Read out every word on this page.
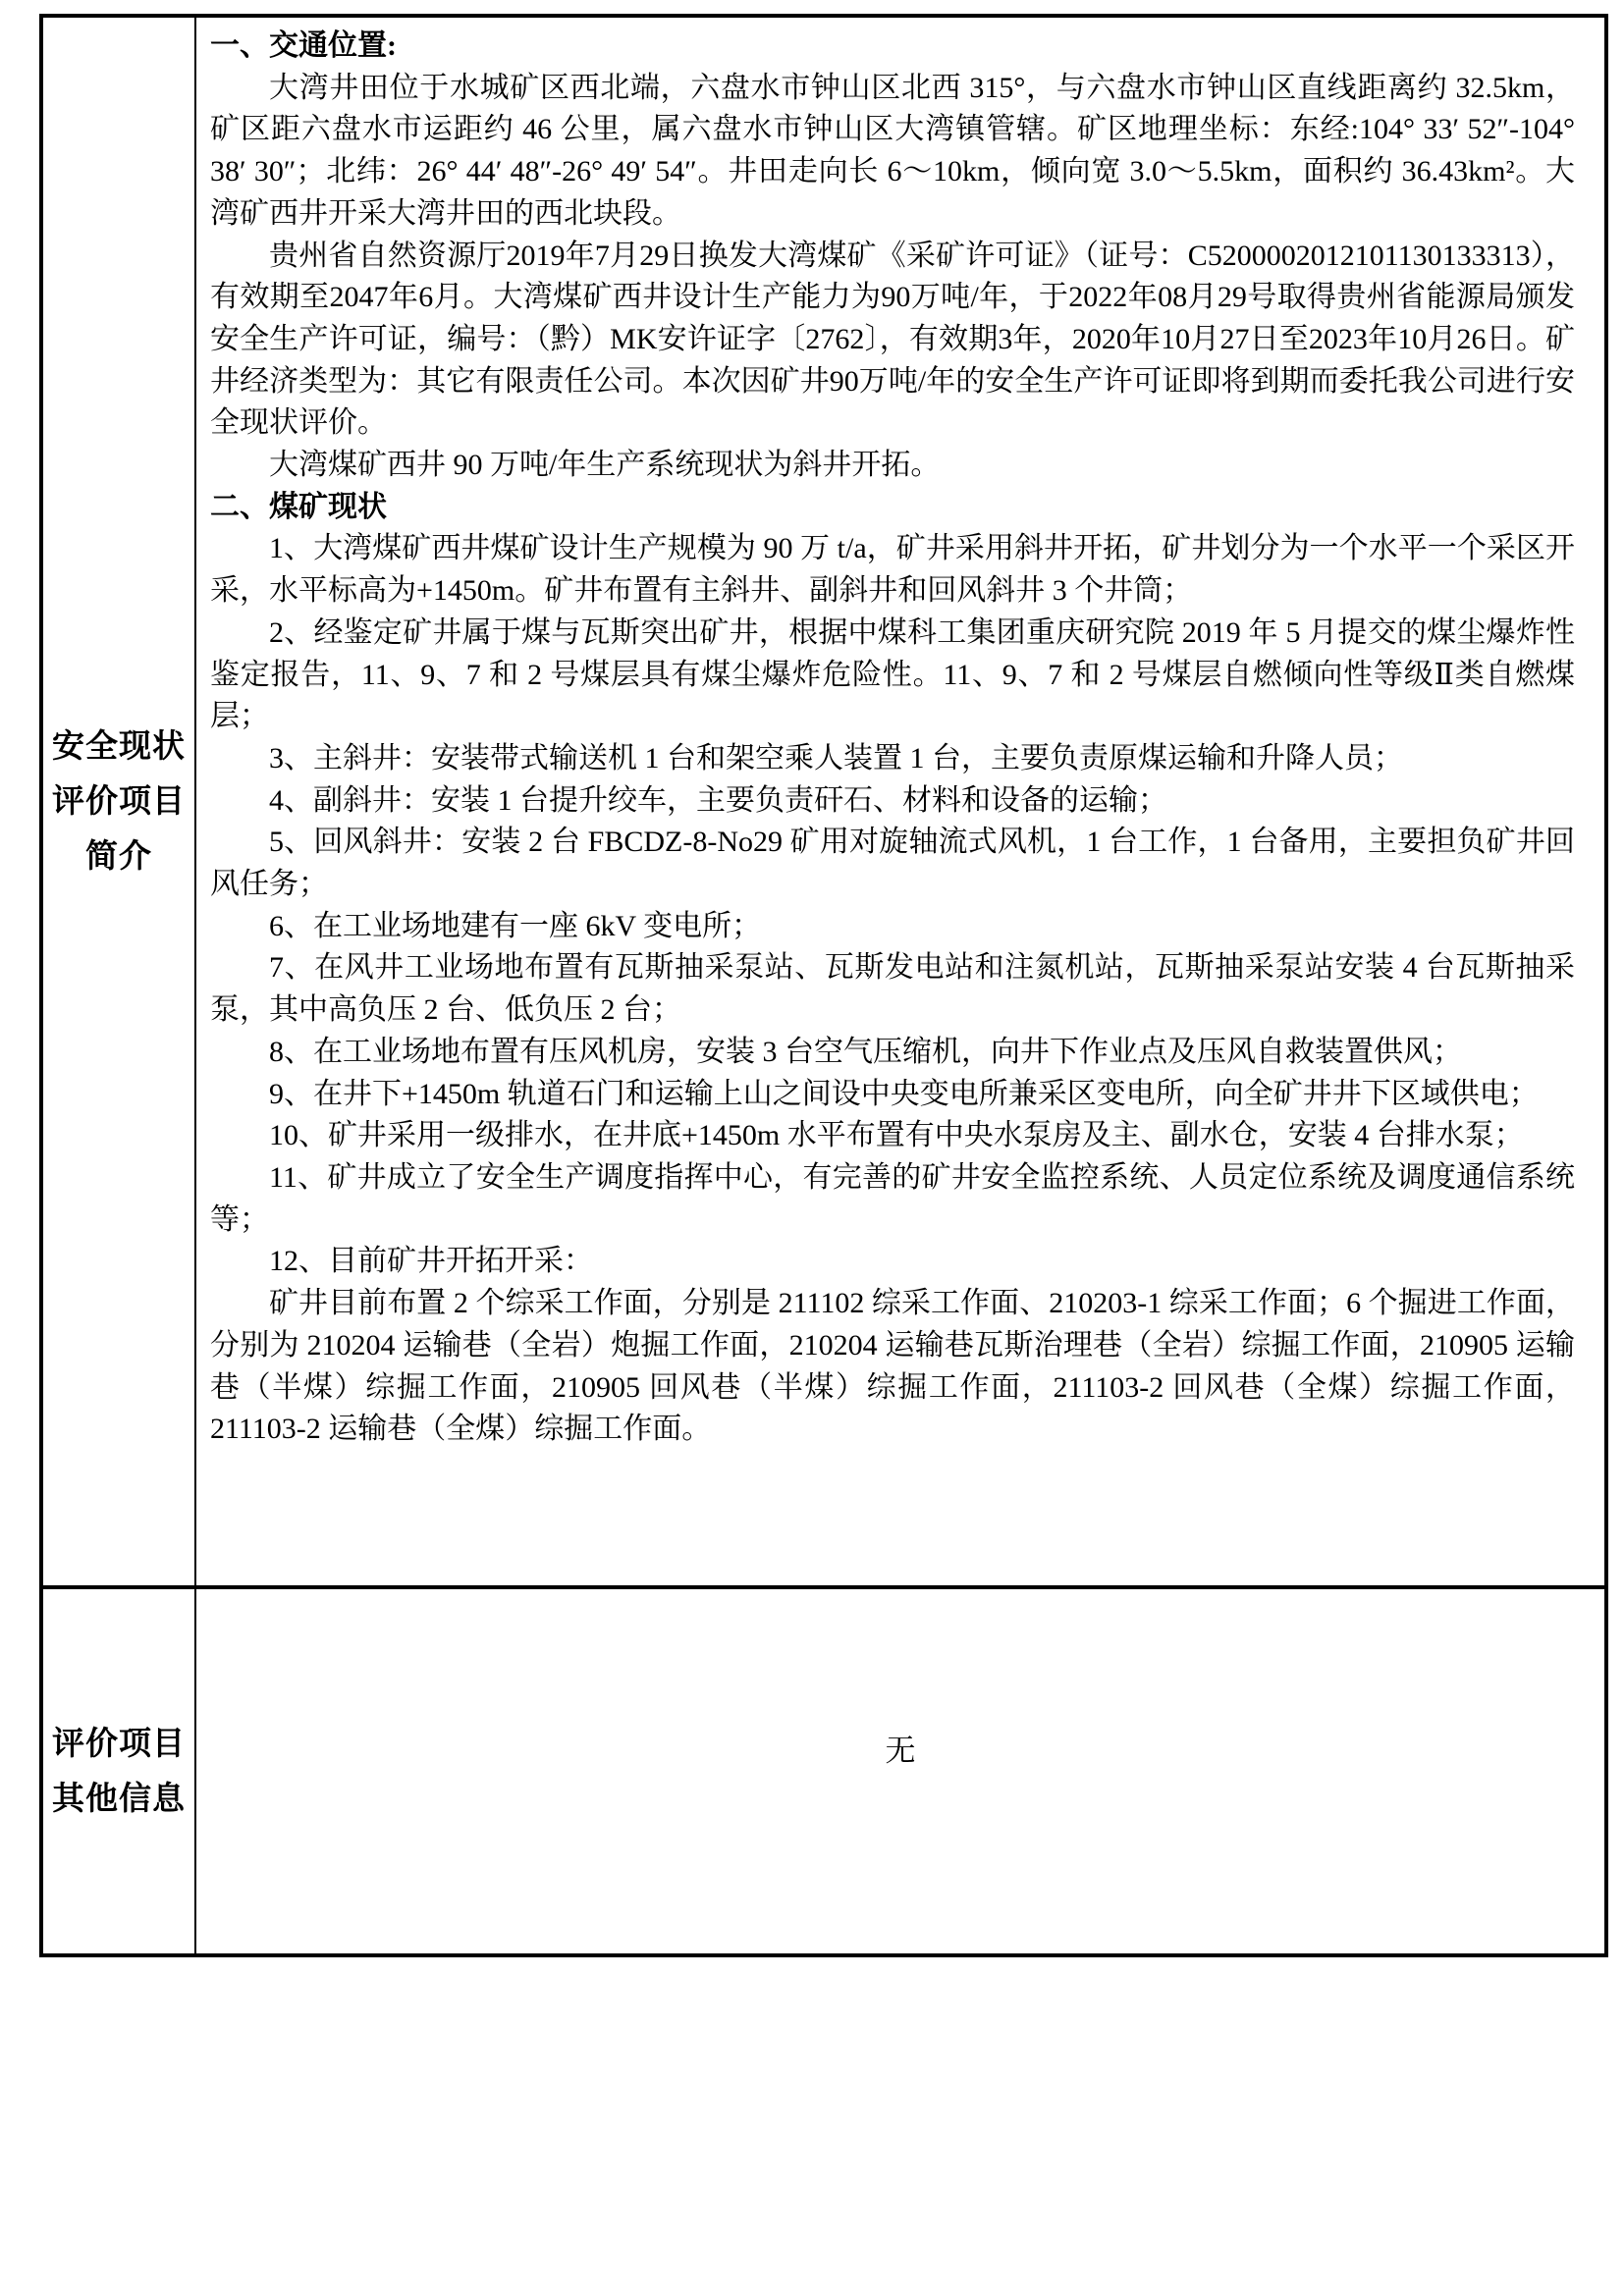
安全现状
评价项目
简介

一、交通位置:

大湾井田位于水城矿区西北端，六盘水市钟山区北西 315°，与六盘水市钟山区直线距离约 32.5km，矿区距六盘水市运距约 46 公里，属六盘水市钟山区大湾镇管辖。矿区地理坐标：东经:104° 33′ 52″-104° 38′ 30″；北纬：26° 44′ 48″-26° 49′ 54″。井田走向长 6～10km，倾向宽 3.0～5.5km，面积约 36.43km²。大湾矿西井开采大湾井田的西北块段。

贵州省自然资源厅2019年7月29日换发大湾煤矿《采矿许可证》（证号：C5200002012101130133313），有效期至2047年6月。大湾煤矿西井设计生产能力为90万吨/年，于2022年08月29号取得贵州省能源局颁发安全生产许可证，编号：（黔）MK安许证字〔2762〕，有效期3年，2020年10月27日至2023年10月26日。矿井经济类型为：其它有限责任公司。本次因矿井90万吨/年的安全生产许可证即将到期而委托我公司进行安全现状评价。

大湾煤矿西井 90 万吨/年生产系统现状为斜井开拓。

二、煤矿现状

1、大湾煤矿西井煤矿设计生产规模为 90 万 t/a，矿井采用斜井开拓，矿井划分为一个水平一个采区开采，水平标高为+1450m。矿井布置有主斜井、副斜井和回风斜井 3 个井筒；

2、经鉴定矿井属于煤与瓦斯突出矿井，根据中煤科工集团重庆研究院 2019 年 5 月提交的煤尘爆炸性鉴定报告，11、9、7 和 2 号煤层具有煤尘爆炸危险性。11、9、7 和 2 号煤层自燃倾向性等级Ⅱ类自燃煤层；

3、主斜井：安装带式输送机 1 台和架空乘人装置 1 台，主要负责原煤运输和升降人员；

4、副斜井：安装 1 台提升绞车，主要负责矸石、材料和设备的运输；

5、回风斜井：安装 2 台 FBCDZ-8-No29 矿用对旋轴流式风机，1 台工作，1 台备用，主要担负矿井回风任务；

6、在工业场地建有一座 6kV 变电所；

7、在风井工业场地布置有瓦斯抽采泵站、瓦斯发电站和注氮机站，瓦斯抽采泵站安装 4 台瓦斯抽采泵，其中高负压 2 台、低负压 2 台；

8、在工业场地布置有压风机房，安装 3 台空气压缩机，向井下作业点及压风自救装置供风；

9、在井下+1450m 轨道石门和运输上山之间设中央变电所兼采区变电所，向全矿井井下区域供电；

10、矿井采用一级排水，在井底+1450m 水平布置有中央水泵房及主、副水仓，安装 4 台排水泵；

11、矿井成立了安全生产调度指挥中心，有完善的矿井安全监控系统、人员定位系统及调度通信系统等；

12、目前矿井开拓开采：

矿井目前布置 2 个综采工作面，分别是 211102 综采工作面、210203-1 综采工作面；6 个掘进工作面，分别为 210204 运输巷（全岩）炮掘工作面，210204 运输巷瓦斯治理巷（全岩）综掘工作面，210905 运输巷（半煤）综掘工作面，210905 回风巷（半煤）综掘工作面，211103-2 回风巷（全煤）综掘工作面，211103-2 运输巷（全煤）综掘工作面。

评价项目
其他信息
无
